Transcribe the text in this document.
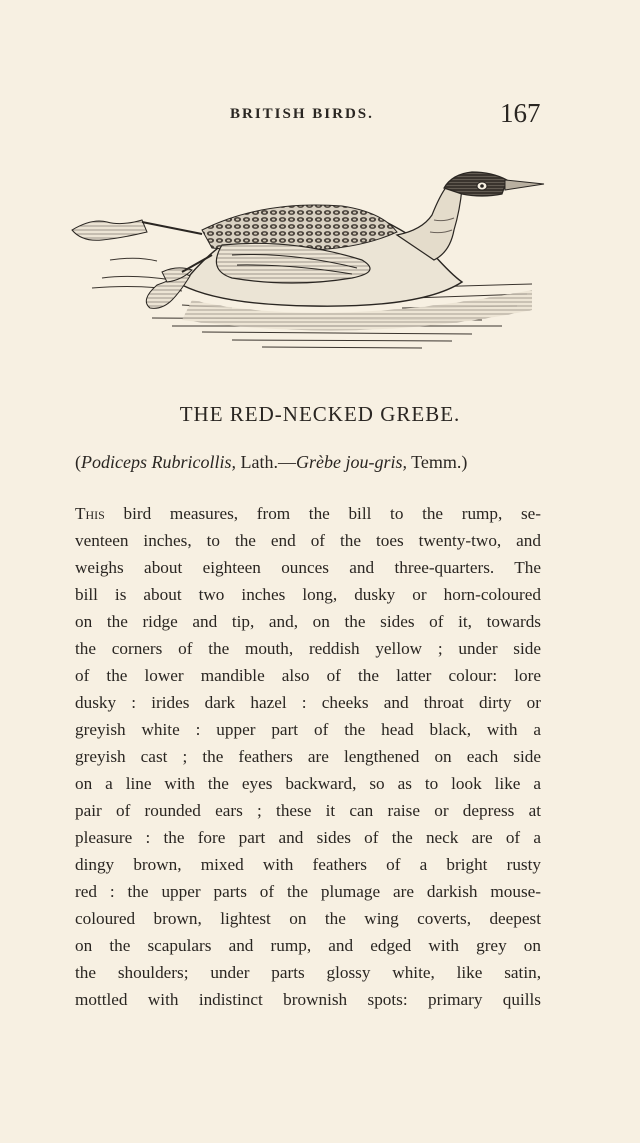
BRITISH BIRDS.	167
THE RED-NECKED GREBE.
(Podiceps Rubricollis, Lath.—Grèbe jou-gris, Temm.)
This bird measures, from the bill to the rump, se-
venteen inches, to the end of the toes twenty-two, and
weighs about eighteen ounces and three-quarters. The
bill is about two inches long, dusky or horn-coloured
on the ridge and tip, and, on the sides of it, towards
the corners of the mouth, reddish yellow ; under side
of the lower mandible also of the latter colour: lore
dusky : irides dark hazel : cheeks and throat dirty or
greyish white : upper part of the head black, with a
greyish cast ; the feathers are lengthened on each side
on a line with the eyes backward, so as to look like a
pair of rounded ears ; these it can raise or depress at
pleasure : the fore part and sides of the neck are of a
dingy brown, mixed with feathers of a bright rusty
red : the upper parts of the plumage are darkish mouse-
coloured brown, lightest on the wing coverts, deepest
on the scapulars and rump, and edged with grey on
the shoulders; under parts glossy white, like satin,
mottled with indistinct brownish spots: primary quills
